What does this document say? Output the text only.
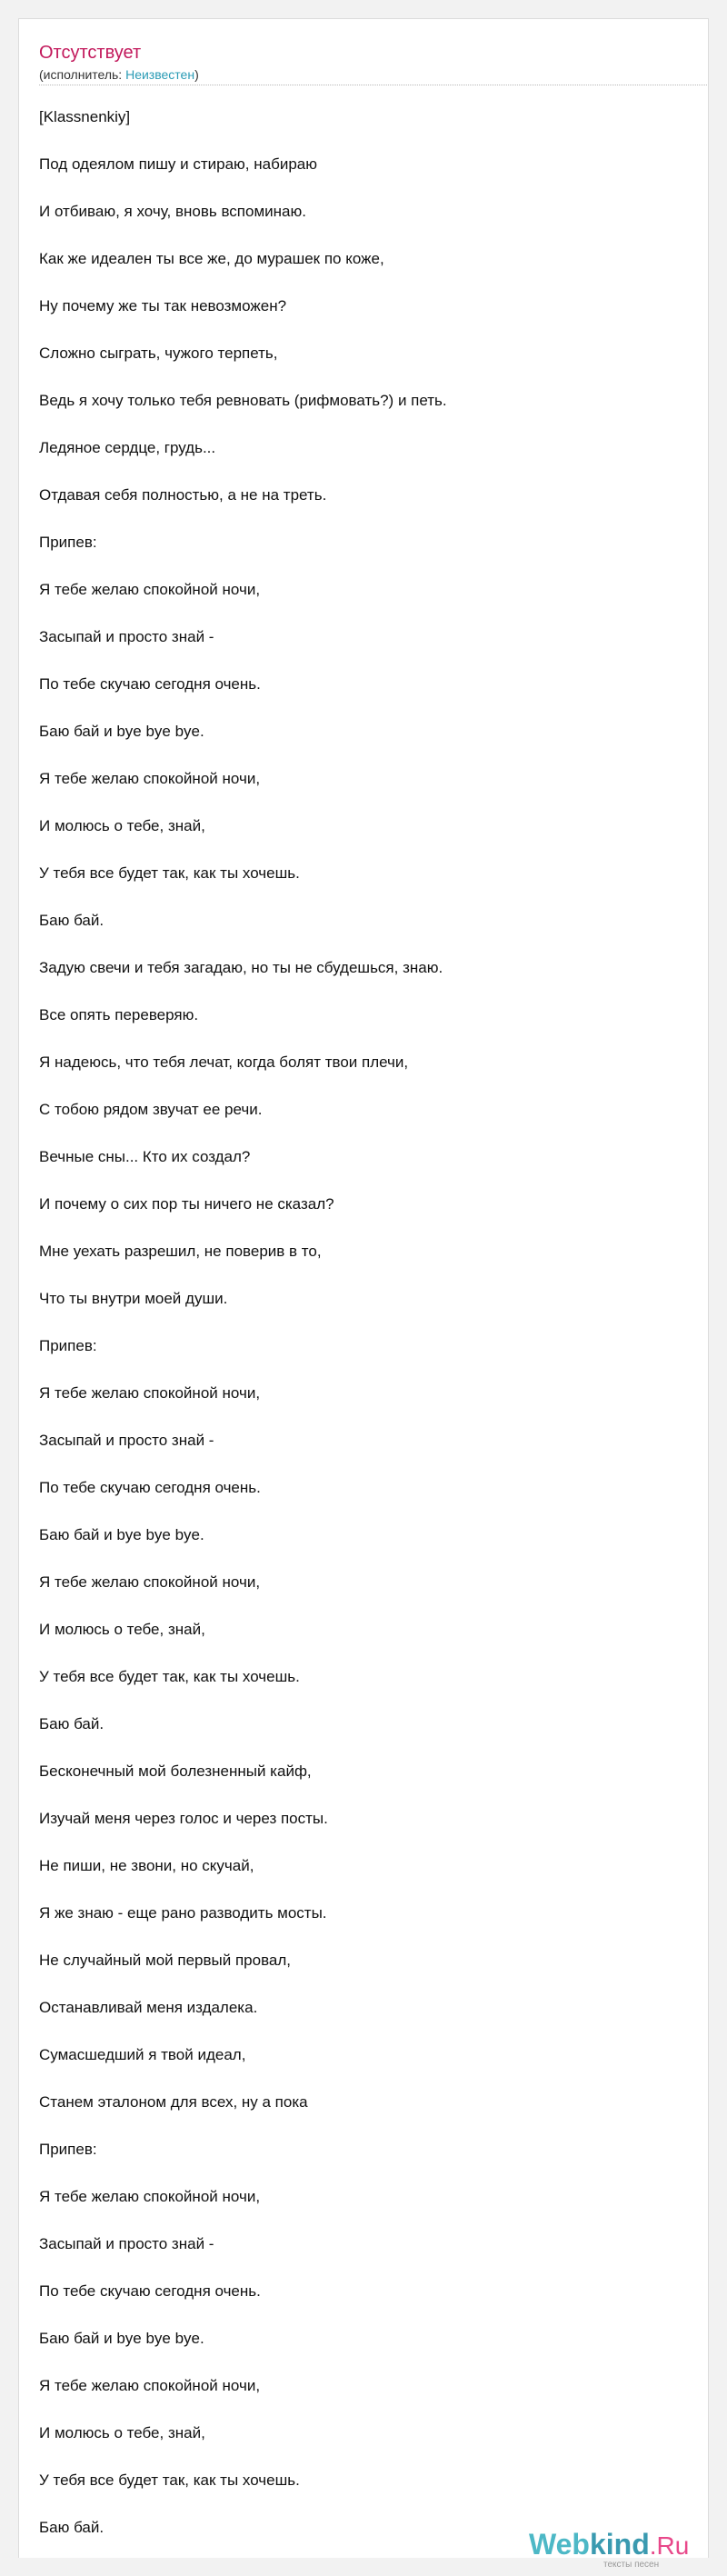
Отсутствует
(исполнитель: Неизвестен)
[Klassnenkiy]
Под одеялом пишу и стираю, набираю
И отбиваю, я хочу, вновь вспоминаю.
Как же идеален ты все же, до мурашек по коже,
Ну почему же ты так невозможен?
Сложно сыграть, чужого терпеть,
Ведь я хочу только тебя ревновать (рифмовать?) и петь.
Ледяное сердце, грудь...
Отдавая себя полностью, а не на треть.
Припев:
Я тебе желаю спокойной ночи,
Засыпай и просто знай -
По тебе скучаю сегодня очень.
Баю бай и bye bye bye.
Я тебе желаю спокойной ночи,
И молюсь о тебе, знай,
У тебя все будет так, как ты хочешь.
Баю бай.
Задую свечи и тебя загадаю, но ты не сбудешься, знаю.
Все опять переверяю.
Я надеюсь, что тебя лечат, когда болят твои плечи,
С тобою рядом звучат ее речи.
Вечные сны... Кто их создал?
И почему о сих пор ты ничего не сказал?
Мне уехать разрешил, не поверив в то,
Что ты внутри моей души.
Припев:
Я тебе желаю спокойной ночи,
Засыпай и просто знай -
По тебе скучаю сегодня очень.
Баю бай и bye bye bye.
Я тебе желаю спокойной ночи,
И молюсь о тебе, знай,
У тебя все будет так, как ты хочешь.
Баю бай.
Бесконечный мой болезненный кайф,
Изучай меня через голос и через посты.
Не пиши, не звони, но скучай,
Я же знаю - еще рано разводить мосты.
Не случайный мой первый провал,
Останавливай меня издалека.
Сумасшедший я твой идеал,
Станем эталоном для всех, ну а пока
Припев:
Я тебе желаю спокойной ночи,
Засыпай и просто знай -
По тебе скучаю сегодня очень.
Баю бай и bye bye bye.
Я тебе желаю спокойной ночи,
И молюсь о тебе, знай,
У тебя все будет так, как ты хочешь.
Баю бай.
Webkind.Ru
тексты песен
